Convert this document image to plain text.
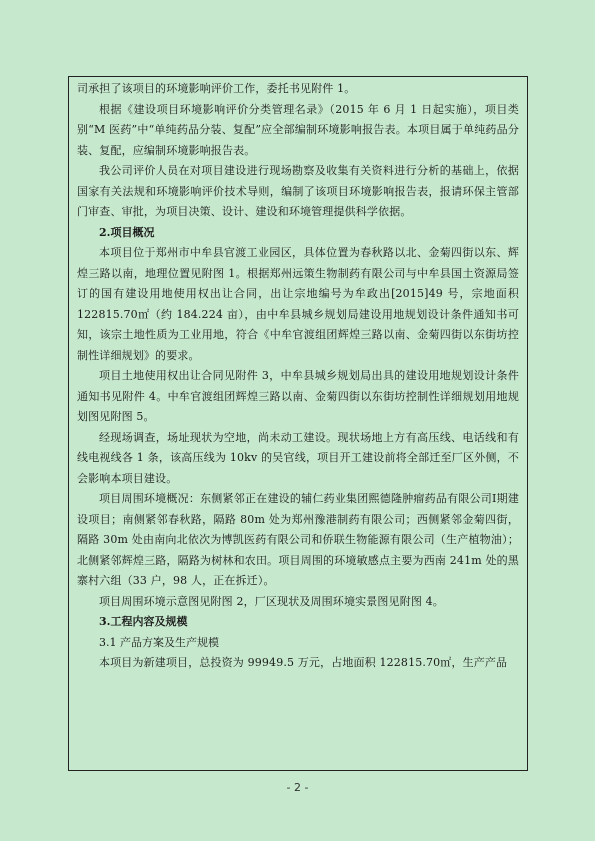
司承担了该项目的环境影响评价工作，委托书见附件 1。

根据《建设项目环境影响评价分类管理名录》（2015 年 6 月 1 日起实施），项目类别“M 医药”中“单纯药品分装、复配”应全部编制环境影响报告表。本项目属于单纯药品分装、复配，应编制环境影响报告表。

我公司评价人员在对项目建设进行现场勘察及收集有关资料进行分析的基础上，依据国家有关法规和环境影响评价技术导则，编制了该项目环境影响报告表，报请环保主管部门审查、审批，为项目决策、设计、建设和环境管理提供科学依据。

2.项目概况

本项目位于郑州市中牟县官渡工业园区，具体位置为春秋路以北、金菊四街以东、辉煌三路以南，地理位置见附图 1。根据郑州远策生物制药有限公司与中牟县国土资源局签订的国有建设用地使用权出让合同，出让宗地编号为牟政出[2015]49 号，宗地面积 122815.70㎡（约 184.224 亩），由中牟县城乡规划局建设用地规划设计条件通知书可知，该宗土地性质为工业用地，符合《中牟官渡组团辉煌三路以南、金菊四街以东街坊控制性详细规划》的要求。

项目土地使用权出让合同见附件 3，中牟县城乡规划局出具的建设用地规划设计条件通知书见附件 4。中牟官渡组团辉煌三路以南、金菊四街以东街坊控制性详细规划用地规划图见附图 5。

经现场调查，场址现状为空地，尚未动工建设。现状场地上方有高压线、电话线和有线电视线各 1 条，该高压线为 10kv 的吴官线，项目开工建设前将全部迁至厂区外侧，不会影响本项目建设。

项目周围环境概况：东侧紧邻正在建设的辅仁药业集团熙德隆肿瘤药品有限公司Ⅰ期建设项目；南侧紧邻春秋路，隔路 80m 处为郑州豫港制药有限公司；西侧紧邻金菊四街，隔路 30m 处由南向北依次为博凯医药有限公司和侨联生物能源有限公司（生产植物油）；北侧紧邻辉煌三路，隔路为树林和农田。项目周围的环境敏感点主要为西南 241m 处的黑寨村六组（33 户，98 人，正在拆迁）。

项目周围环境示意图见附图 2，厂区现状及周围环境实景图见附图 4。

3.工程内容及规模

3.1 产品方案及生产规模

本项目为新建项目，总投资为 99949.5 万元，占地面积 122815.70㎡，生产产品

- 2 -
